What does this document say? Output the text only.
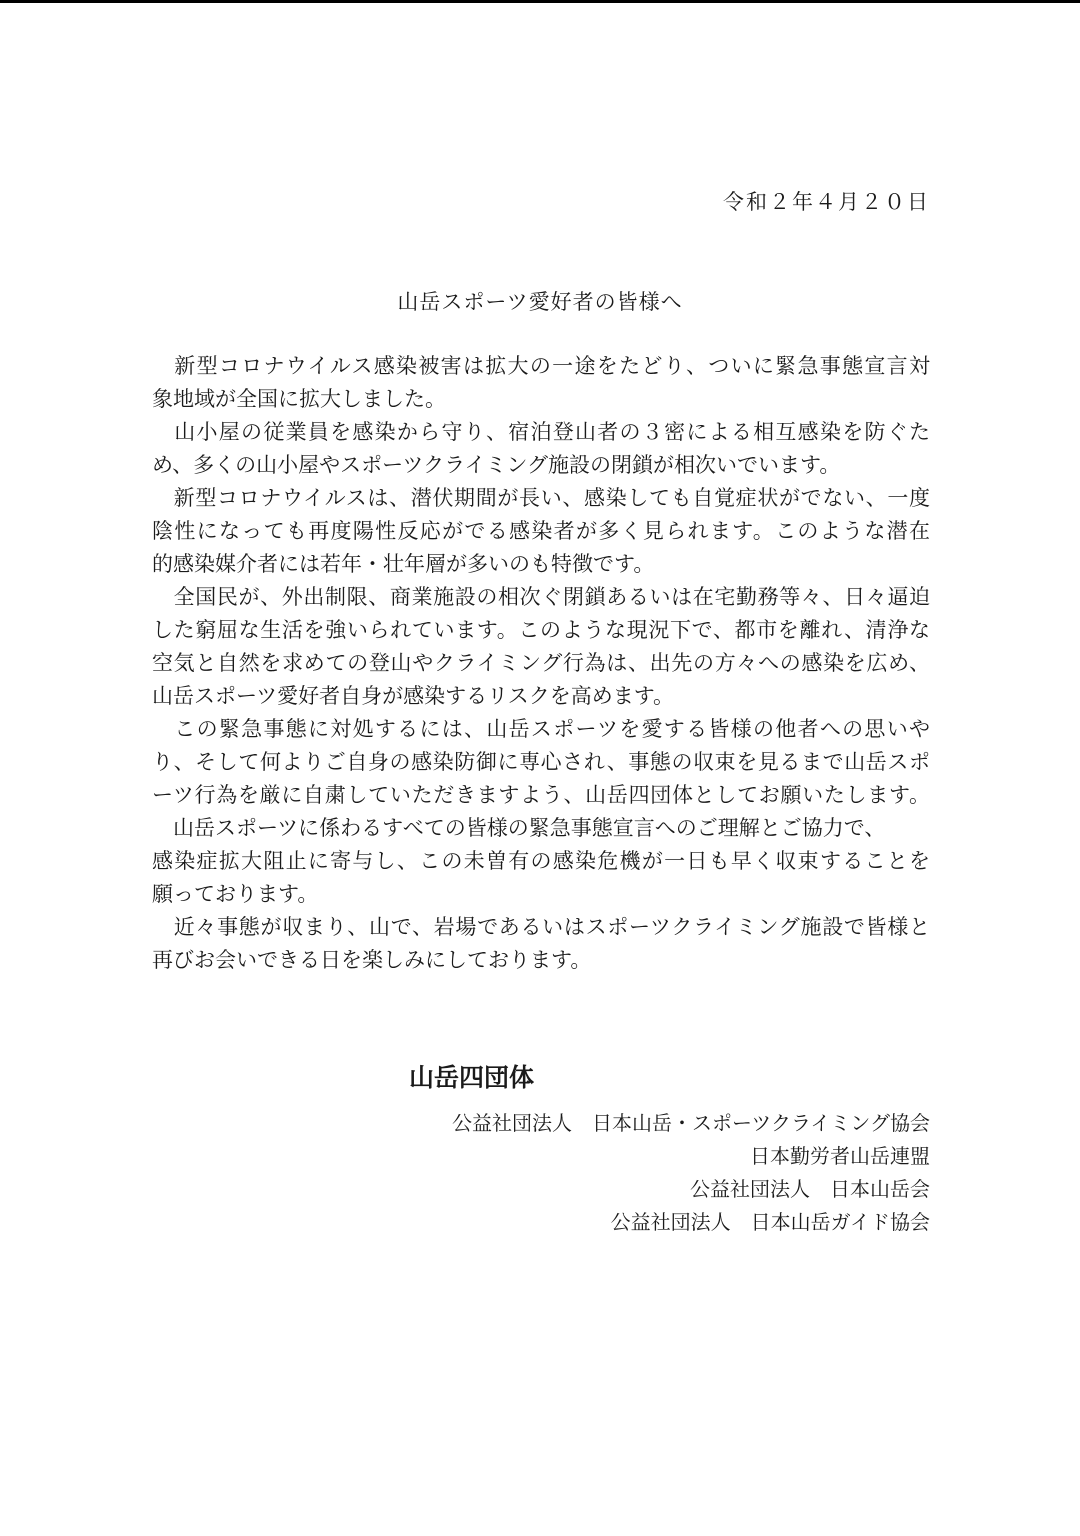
令和２年４月２０日
山岳スポーツ愛好者の皆様へ
　新型コロナウイルス感染被害は拡大の一途をたどり、ついに緊急事態宣言対
象地域が全国に拡大しました。
　山小屋の従業員を感染から守り、宿泊登山者の３密による相互感染を防ぐた
め、多くの山小屋やスポーツクライミング施設の閉鎖が相次いでいます。
　新型コロナウイルスは、潜伏期間が長い、感染しても自覚症状がでない、一度
陰性になっても再度陽性反応がでる感染者が多く見られます。このような潜在
的感染媒介者には若年・壮年層が多いのも特徴です。
　全国民が、外出制限、商業施設の相次ぐ閉鎖あるいは在宅勤務等々、日々逼迫
した窮屈な生活を強いられています。このような現況下で、都市を離れ、清浄な
空気と自然を求めての登山やクライミング行為は、出先の方々への感染を広め、
山岳スポーツ愛好者自身が感染するリスクを高めます。
　この緊急事態に対処するには、山岳スポーツを愛する皆様の他者への思いや
り、そして何よりご自身の感染防御に専心され、事態の収束を見るまで山岳スポ
ーツ行為を厳に自粛していただきますよう、山岳四団体としてお願いたします。
　山岳スポーツに係わるすべての皆様の緊急事態宣言へのご理解とご協力で、
感染症拡大阻止に寄与し、この未曽有の感染危機が一日も早く収束することを
願っております。
　近々事態が収まり、山で、岩場であるいはスポーツクライミング施設で皆様と
再びお会いできる日を楽しみにしております。
山岳四団体
公益社団法人　日本山岳・スポーツクライミング協会
日本勤労者山岳連盟
公益社団法人　日本山岳会
公益社団法人　日本山岳ガイド協会
